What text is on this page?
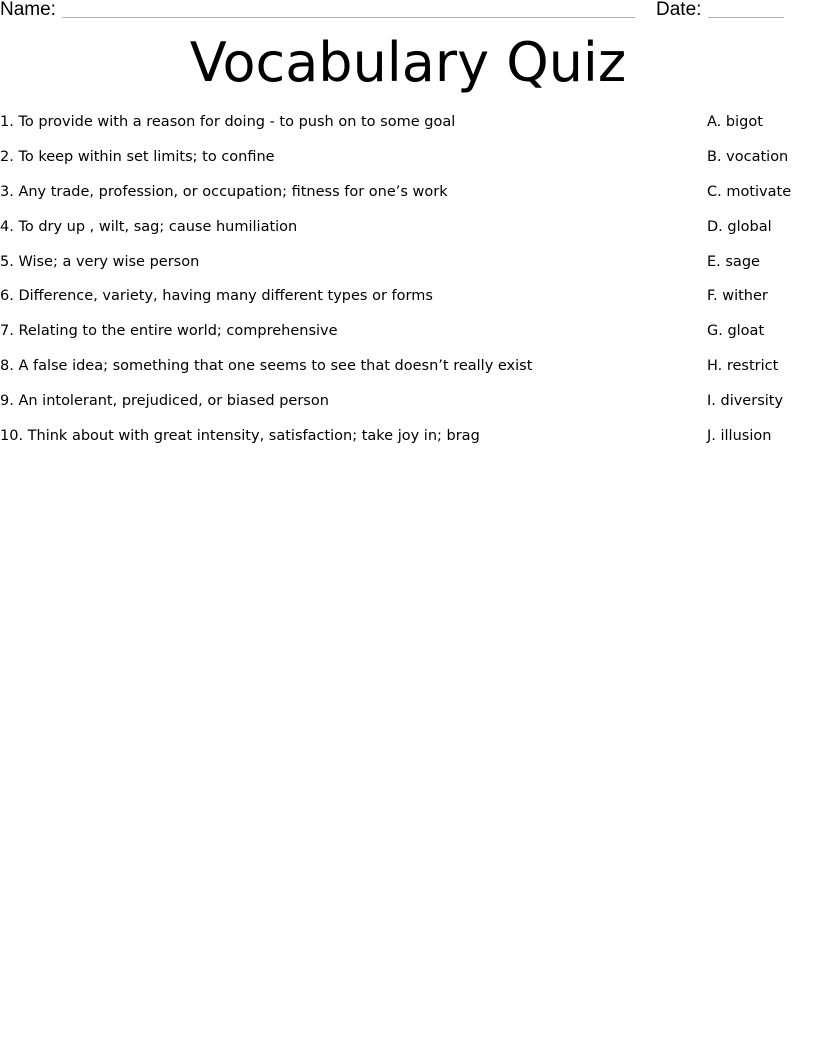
Name:	Date:
Vocabulary Quiz
1. To provide with a reason for doing - to push on to some goal	A. bigot
2. To keep within set limits; to confine	B. vocation
3. Any trade, profession, or occupation; fitness for one’s work	C. motivate
4. To dry up , wilt, sag; cause humiliation	D. global
5. Wise; a very wise person	E. sage
6. Difference, variety, having many different types or forms	F. wither
7. Relating to the entire world; comprehensive	G. gloat
8. A false idea; something that one seems to see that doesn’t really exist	H. restrict
9. An intolerant, prejudiced, or biased person	I. diversity
10. Think about with great intensity, satisfaction; take joy in; brag	J. illusion
